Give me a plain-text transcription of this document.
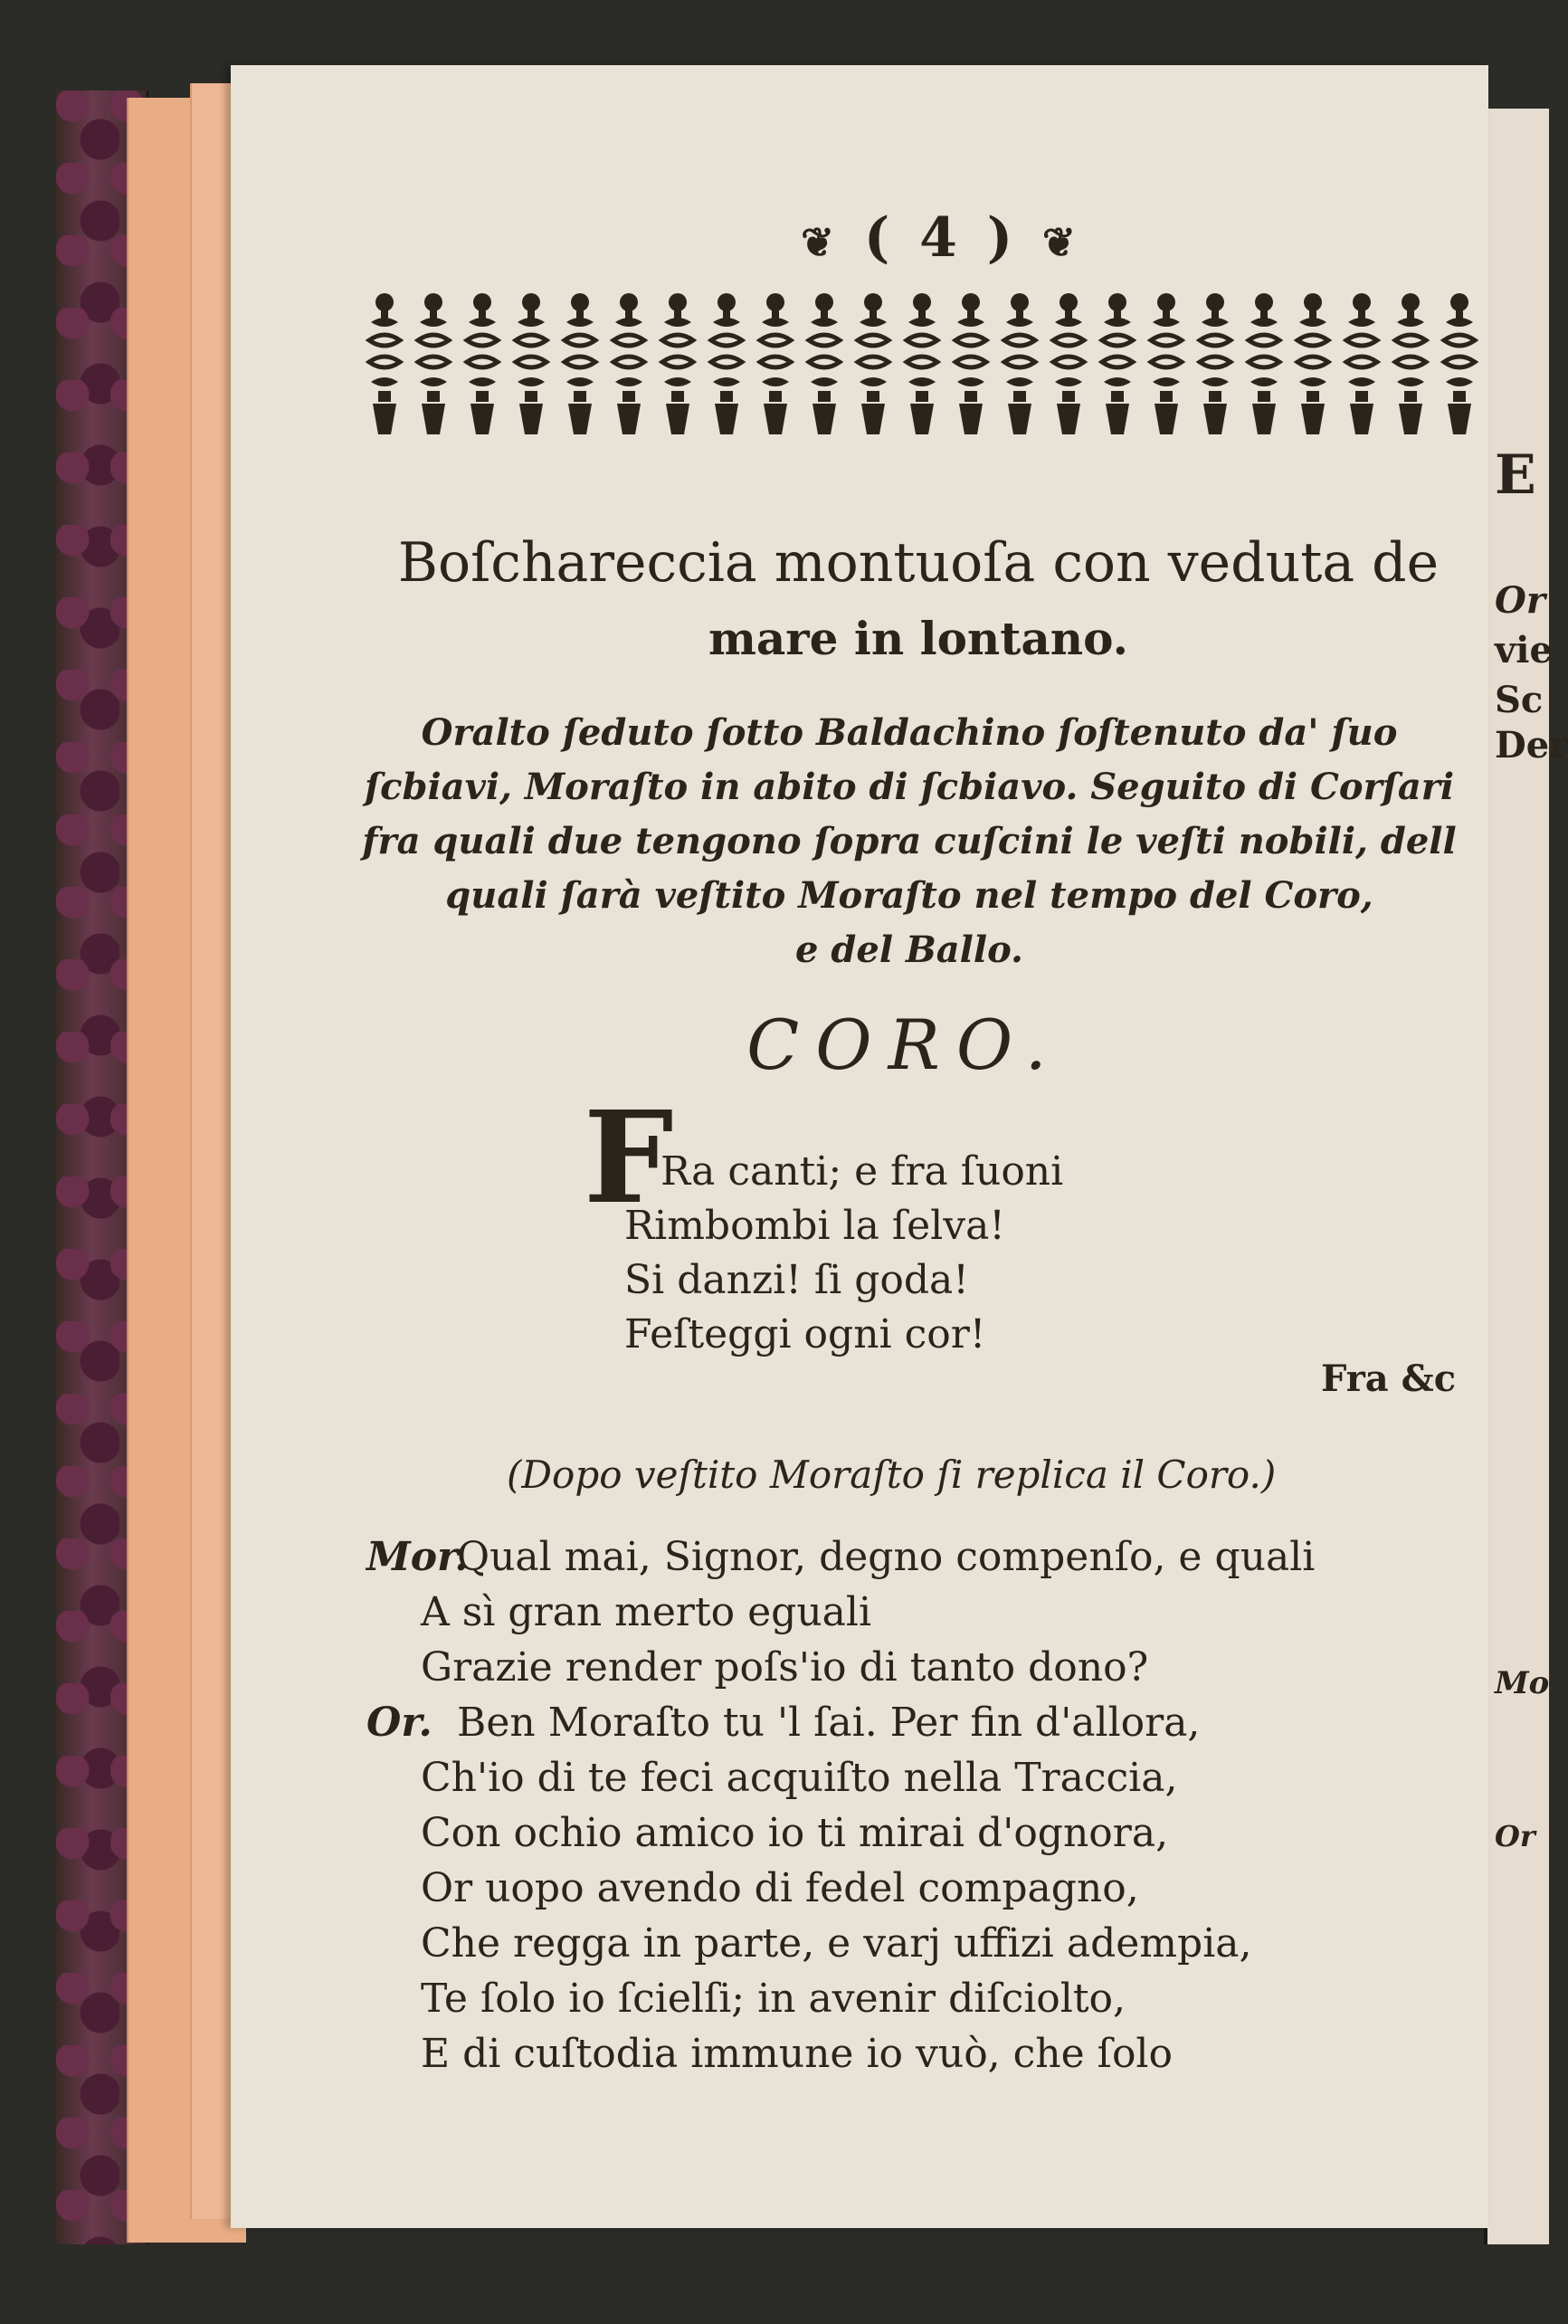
E
Or
vie
Sc
Der
Mo
Or
❦ ( 4 ) ❦
Boſchareccia montuoſa con veduta de
mare in lontano.
Oralto ſeduto ſotto Baldachino ſoſtenuto da' ſuo
ſcbiavi, Moraſto in abito di ſcbiavo. Seguito di Corſari
fra quali due tengono ſopra cuſcini le veſti nobili, dell
quali ſarà veſtito Moraſto nel tempo del Coro,
e del Ballo.
CORO.
F
Ra canti; e fra ſuoni
Rimbombi la ſelva!
Si danzi! ſi goda!
Feſteggi ogni cor!
Fra &c
(Dopo veſtito Moraſto ſi replica il Coro.)
Mor.Qual mai, Signor, degno compenſo, e quali
A sì gran merto eguali
Grazie render poſs'io di tanto dono?
Or. Ben Moraſto tu 'l ſai. Per fin d'allora,
Ch'io di te feci acquiſto nella Traccia,
Con ochio amico io ti mirai d'ognora,
Or uopo avendo di fedel compagno,
Che regga in parte, e varj uffizi adempia,
Te ſolo io ſcielſi; in avenir diſciolto,
E di cuſtodia immune io vuò, che ſolo
